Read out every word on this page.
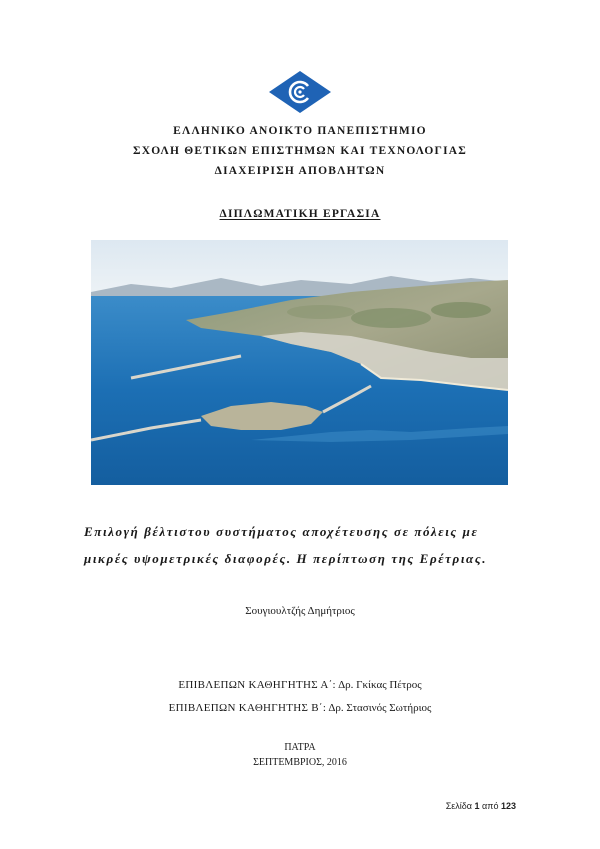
ΕΛΛΗΝΙΚΟ ΑΝΟΙΚΤΟ ΠΑΝΕΠΙΣΤΗΜΙΟ
ΣΧΟΛΗ ΘΕΤΙΚΩΝ ΕΠΙΣΤΗΜΩΝ ΚΑΙ ΤΕΧΝΟΛΟΓΙΑΣ
ΔΙΑΧΕΙΡΙΣΗ ΑΠΟΒΛΗΤΩΝ
ΔΙΠΛΩΜΑΤΙΚΗ ΕΡΓΑΣΙΑ
Επιλογή βέλτιστου συστήματος αποχέτευσης σε πόλεις με
μικρές υψομετρικές διαφορές. Η περίπτωση της Ερέτριας.
Σουγιουλτζής Δημήτριος
ΕΠΙΒΛΕΠΩΝ ΚΑΘΗΓΗΤΗΣ Α΄: Δρ. Γκίκας Πέτρος
ΕΠΙΒΛΕΠΩΝ ΚΑΘΗΓΗΤΗΣ Β΄: Δρ. Στασινός Σωτήριος
ΠΑΤΡΑ
ΣΕΠΤΕΜΒΡΙΟΣ, 2016
Σελίδα 1 από 123
